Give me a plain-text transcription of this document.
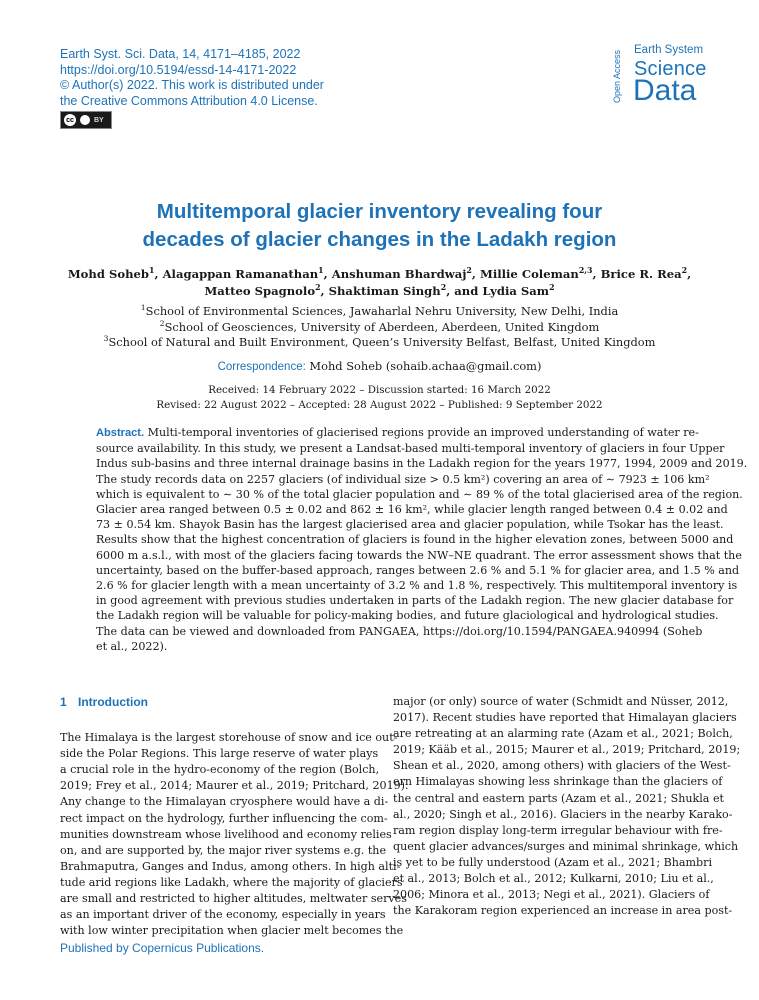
Earth Syst. Sci. Data, 14, 4171–4185, 2022
https://doi.org/10.5194/essd-14-4171-2022
© Author(s) 2022. This work is distributed under
the Creative Commons Attribution 4.0 License.
cc	BY
Open Access Earth System
Science
Data
Multitemporal glacier inventory revealing four
decades of glacier changes in the Ladakh region
Mohd Soheb$^1$, Alagappan Ramanathan$^1$, Anshuman Bhardwaj$^2$, Millie Coleman$^{2,3}$, Brice R. Rea$^2$,
Matteo Spagnolo$^2$, Shaktiman Singh$^2$, and Lydia Sam$^2$
$^1$School of Environmental Sciences, Jawaharlal Nehru University, New Delhi, India
$^2$School of Geosciences, University of Aberdeen, Aberdeen, United Kingdom
$^3$School of Natural and Built Environment, Queen’s University Belfast, Belfast, United Kingdom
Correspondence: Mohd Soheb (sohaib.achaa@gmail.com)
Received: 14 February 2022 – Discussion started: 16 March 2022
Revised: 22 August 2022 – Accepted: 28 August 2022 – Published: 9 September 2022
Abstract. Multi-temporal inventories of glacierised regions provide an improved understanding of water re-
source availability. In this study, we present a Landsat-based multi-temporal inventory of glaciers in four Upper
Indus sub-basins and three internal drainage basins in the Ladakh region for the years 1977, 1994, 2009 and 2019.
The study records data on 2257 glaciers (of individual size > 0.5 km²) covering an area of ∼ 7923 ± 106 km²
which is equivalent to ∼ 30 % of the total glacier population and ∼ 89 % of the total glacierised area of the region.
Glacier area ranged between 0.5 ± 0.02 and 862 ± 16 km², while glacier length ranged between 0.4 ± 0.02 and
73 ± 0.54 km. Shayok Basin has the largest glacierised area and glacier population, while Tsokar has the least.
Results show that the highest concentration of glaciers is found in the higher elevation zones, between 5000 and
6000 m a.s.l., with most of the glaciers facing towards the NW–NE quadrant. The error assessment shows that the
uncertainty, based on the buffer-based approach, ranges between 2.6 % and 5.1 % for glacier area, and 1.5 % and
2.6 % for glacier length with a mean uncertainty of 3.2 % and 1.8 %, respectively. This multitemporal inventory is
in good agreement with previous studies undertaken in parts of the Ladakh region. The new glacier database for
the Ladakh region will be valuable for policy-making bodies, and future glaciological and hydrological studies.
The data can be viewed and downloaded from PANGAEA, https://doi.org/10.1594/PANGAEA.940994 (Soheb
et al., 2022).
1 Introduction
The Himalaya is the largest storehouse of snow and ice out-
side the Polar Regions. This large reserve of water plays
a crucial role in the hydro-economy of the region (Bolch,
2019; Frey et al., 2014; Maurer et al., 2019; Pritchard, 2019).
Any change to the Himalayan cryosphere would have a di-
rect impact on the hydrology, further influencing the com-
munities downstream whose livelihood and economy relies
on, and are supported by, the major river systems e.g. the
Brahmaputra, Ganges and Indus, among others. In high alti-
tude arid regions like Ladakh, where the majority of glaciers
are small and restricted to higher altitudes, meltwater serves
as an important driver of the economy, especially in years
with low winter precipitation when glacier melt becomes the
major (or only) source of water (Schmidt and Nüsser, 2012,
2017). Recent studies have reported that Himalayan glaciers
are retreating at an alarming rate (Azam et al., 2021; Bolch,
2019; Kääb et al., 2015; Maurer et al., 2019; Pritchard, 2019;
Shean et al., 2020, among others) with glaciers of the West-
ern Himalayas showing less shrinkage than the glaciers of
the central and eastern parts (Azam et al., 2021; Shukla et
al., 2020; Singh et al., 2016). Glaciers in the nearby Karako-
ram region display long-term irregular behaviour with fre-
quent glacier advances/surges and minimal shrinkage, which
is yet to be fully understood (Azam et al., 2021; Bhambri
et al., 2013; Bolch et al., 2012; Kulkarni, 2010; Liu et al.,
2006; Minora et al., 2013; Negi et al., 2021). Glaciers of
the Karakoram region experienced an increase in area post-
Published by Copernicus Publications.
